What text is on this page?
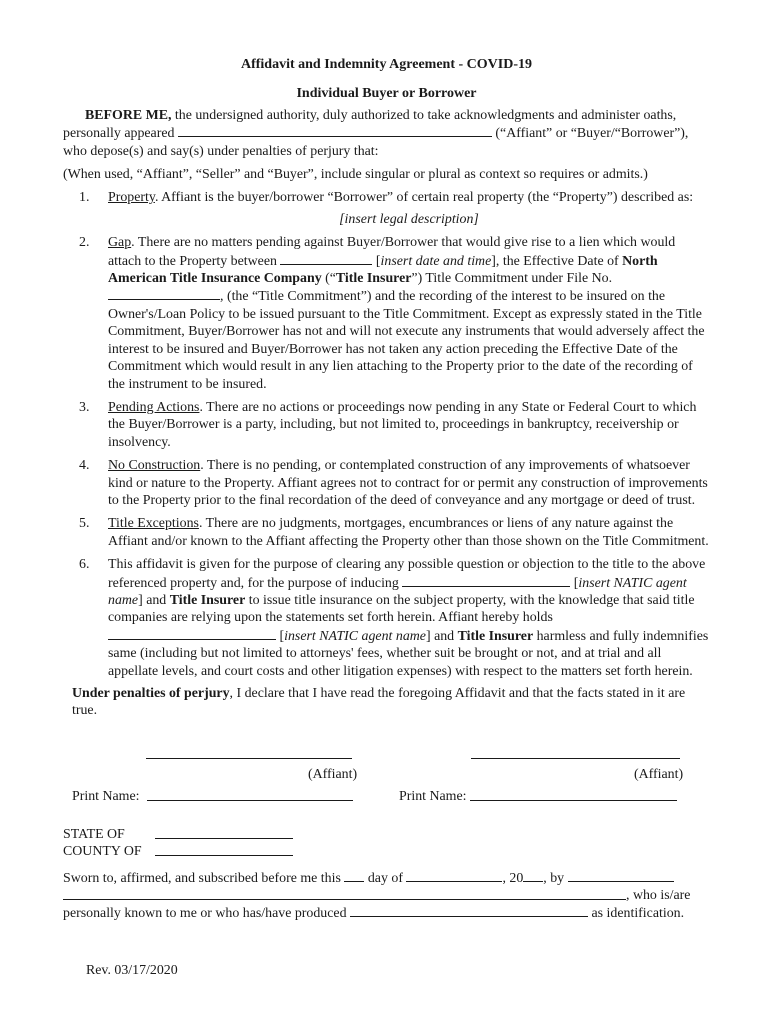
Affidavit and Indemnity Agreement - COVID-19
Individual Buyer or Borrower
BEFORE ME, the undersigned authority, duly authorized to take acknowledgments and administer oaths, personally appeared	(“Affiant” or “Buyer/“Borrower”), who depose(s) and say(s) under penalties of perjury that:
(When used, “Affiant”, “Seller” and “Buyer”, include singular or plural as context so requires or admits.)
1. Property. Affiant is the buyer/borrower “Borrower” of certain real property (the “Property”) described as:
[insert legal description]
2. Gap. There are no matters pending against Buyer/Borrower that would give rise to a lien which would attach to the Property between	[insert date and time], the Effective Date of North American Title Insurance Company (“Title Insurer”) Title Commitment under File No. , (the “Title Commitment”) and the recording of the interest to be insured on the Owner's/Loan Policy to be issued pursuant to the Title Commitment. Except as expressly stated in the Title Commitment, Buyer/Borrower has not and will not execute any instruments that would adversely affect the interest to be insured and Buyer/Borrower has not taken any action preceding the Effective Date of the Commitment which would result in any lien attaching to the Property prior to the date of the recording of the instrument to be insured.
3. Pending Actions. There are no actions or proceedings now pending in any State or Federal Court to which the Buyer/Borrower is a party, including, but not limited to, proceedings in bankruptcy, receivership or insolvency.
4. No Construction. There is no pending, or contemplated construction of any improvements of whatsoever kind or nature to the Property. Affiant agrees not to contract for or permit any construction of improvements to the Property prior to the final recordation of the deed of conveyance and any mortgage or deed of trust.
5. Title Exceptions. There are no judgments, mortgages, encumbrances or liens of any nature against the Affiant and/or known to the Affiant affecting the Property other than those shown on the Title Commitment.
6. This affidavit is given for the purpose of clearing any possible question or objection to the title to the above referenced property and, for the purpose of inducing	[insert NATIC agent name] and Title Insurer to issue title insurance on the subject property, with the knowledge that said title companies are relying upon the statements set forth herein. Affiant hereby holds  [insert NATIC agent name] and Title Insurer harmless and fully indemnifies same (including but not limited to attorneys' fees, whether suit be brought or not, and at trial and all appellate levels, and court costs and other litigation expenses) with respect to the matters set forth herein.
Under penalties of perjury, I declare that I have read the foregoing Affidavit and that the facts stated in it are true.
(Affiant)	(Affiant)
Print Name:	Print Name:
STATE OF
COUNTY OF
Sworn to, affirmed, and subscribed before me this day of	, 20 , by
, who is/are
personally known to me or who has/have produced	as identification.
Rev. 03/17/2020
